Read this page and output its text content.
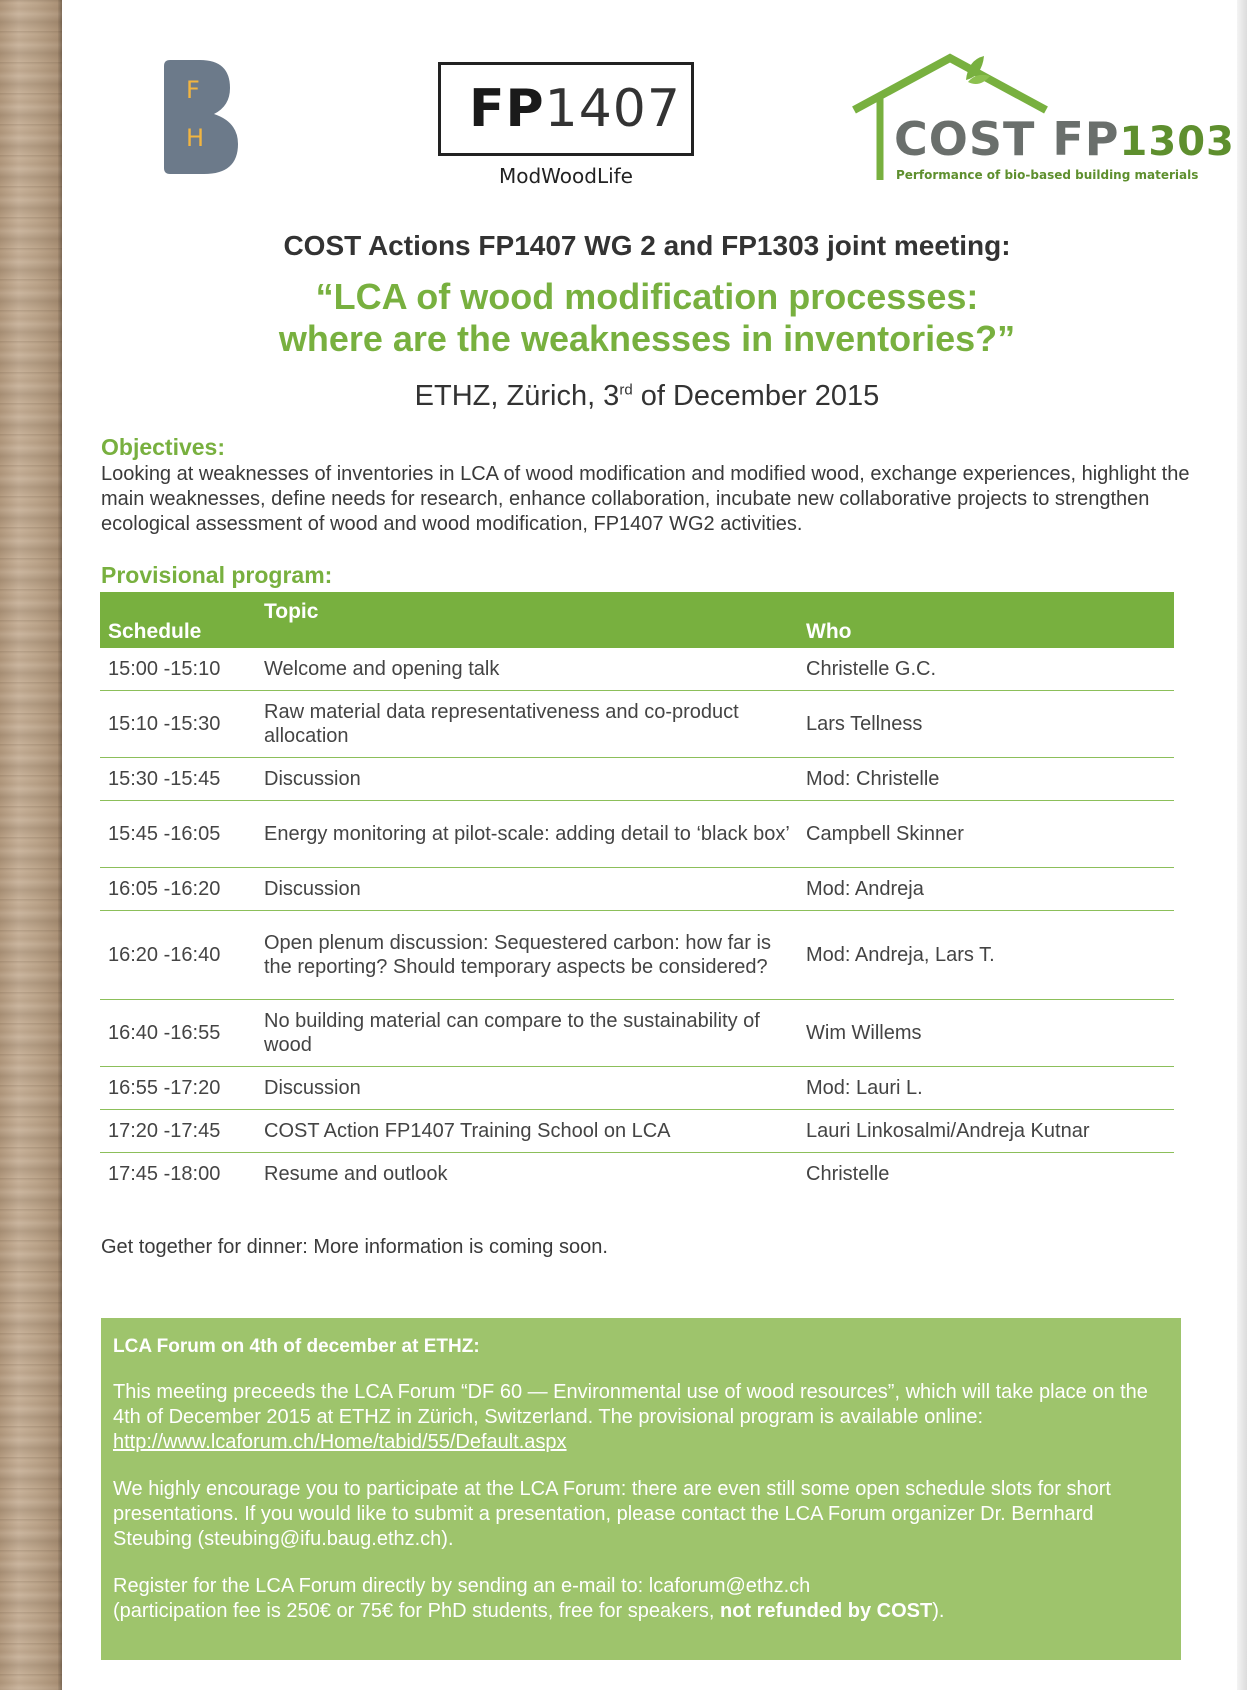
F
H	FP1407
ModWoodLife
COST FP1303
Performance of bio-based building materials
COST Actions FP1407 WG 2 and FP1303 joint meeting:
“LCA of wood modification processes:
where are the weaknesses in inventories?”
ETHZ, Zürich, 3rd of December 2015
Objectives:
Looking at weaknesses of inventories in LCA of wood modification and modified wood, exchange experiences, highlight the main weaknesses, define needs for research, enhance collaboration, incubate new collaborative projects to strengthen ecological assessment of wood and wood modification, FP1407 WG2 activities.
Provisional program:
Schedule	Topic	Who
15:00 -15:10	Welcome and opening talk	Christelle G.C.
15:10 -15:30	Raw material data representativeness and co-product allocation	Lars Tellness
15:30 -15:45	Discussion	Mod: Christelle
15:45 -16:05	Energy monitoring at pilot-scale: adding detail to ‘black box’	Campbell Skinner
16:05 -16:20	Discussion	Mod: Andreja
16:20 -16:40	Open plenum discussion: Sequestered carbon: how far is the reporting? Should temporary aspects be considered?	Mod: Andreja, Lars T.
16:40 -16:55	No building material can compare to the sustainability of wood	Wim Willems
16:55 -17:20	Discussion	Mod: Lauri L.
17:20 -17:45	COST Action FP1407 Training School on LCA	Lauri Linkosalmi/Andreja Kutnar
17:45 -18:00	Resume and outlook	Christelle
Get together for dinner: More information is coming soon.
LCA Forum on 4th of december at ETHZ:

This meeting preceeds the LCA Forum “DF 60 — Environmental use of wood resources”, which will take place on the 4th of December 2015 at ETHZ in Zürich, Switzerland. The provisional program is available online: http://www.lcaforum.ch/Home/tabid/55/Default.aspx

We highly encourage you to participate at the LCA Forum: there are even still some open schedule slots for short presentations. If you would like to submit a presentation, please contact the LCA Forum organizer Dr. Bernhard Steubing (steubing@ifu.baug.ethz.ch).

Register for the LCA Forum directly by sending an e-mail to: lcaforum@ethz.ch
(participation fee is 250€ or 75€ for PhD students, free for speakers, not refunded by COST).
